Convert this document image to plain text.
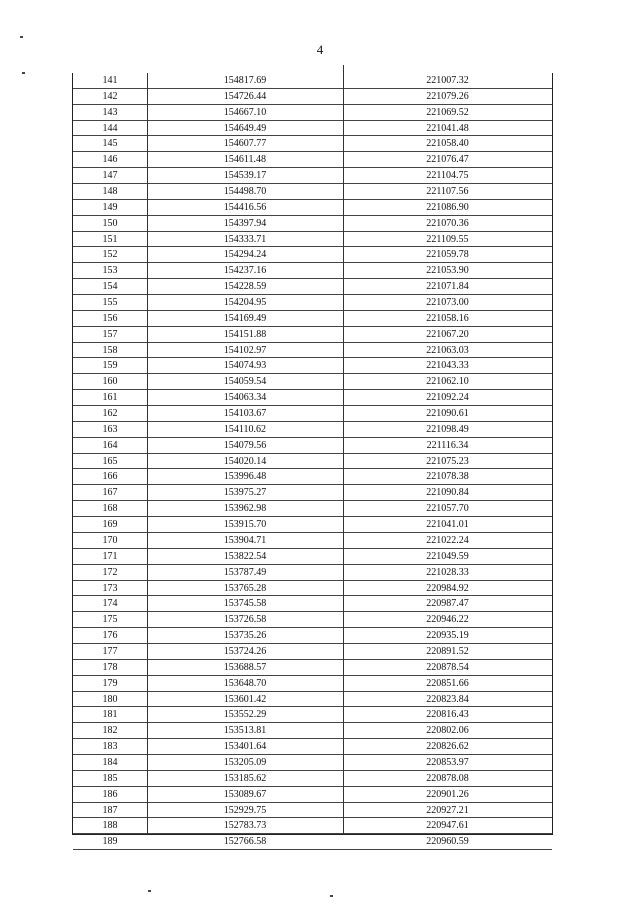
4
141	154817.69	221007.32
142	154726.44	221079.26
143	154667.10	221069.52
144	154649.49	221041.48
145	154607.77	221058.40
146	154611.48	221076.47
147	154539.17	221104.75
148	154498.70	221107.56
149	154416.56	221086.90
150	154397.94	221070.36
151	154333.71	221109.55
152	154294.24	221059.78
153	154237.16	221053.90
154	154228.59	221071.84
155	154204.95	221073.00
156	154169.49	221058.16
157	154151.88	221067.20
158	154102.97	221063.03
159	154074.93	221043.33
160	154059.54	221062.10
161	154063.34	221092.24
162	154103.67	221090.61
163	154110.62	221098.49
164	154079.56	221116.34
165	154020.14	221075.23
166	153996.48	221078.38
167	153975.27	221090.84
168	153962.98	221057.70
169	153915.70	221041.01
170	153904.71	221022.24
171	153822.54	221049.59
172	153787.49	221028.33
173	153765.28	220984.92
174	153745.58	220987.47
175	153726.58	220946.22
176	153735.26	220935.19
177	153724.26	220891.52
178	153688.57	220878.54
179	153648.70	220851.66
180	153601.42	220823.84
181	153552.29	220816.43
182	153513.81	220802.06
183	153401.64	220826.62
184	153205.09	220853.97
185	153185.62	220878.08
186	153089.67	220901.26
187	152929.75	220927.21
188	152783.73	220947.61
189	152766.58	220960.59
